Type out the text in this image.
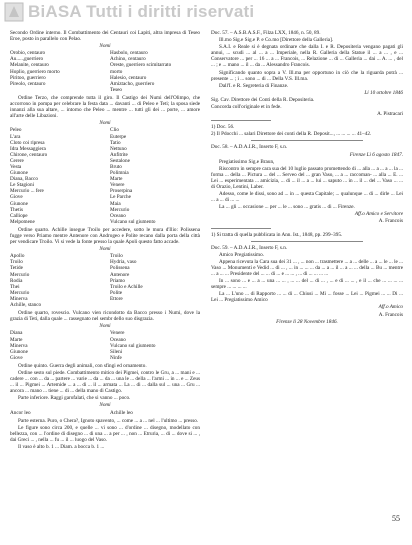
BiASA Tutti i diritti riservati

Secondo Ordine interno. Il Combattimento dei Centauri coi Lapiti, altra impresa di Teseo Eroe, posto in parallelo con Pelao.

Nomi

Orobio, centauro
Au.....,guerriero
Melanite, centauro
Hoplio, guerriero morto
Piritoo, guerriero
Pireolo, centauro
Hasbolo, centauro
Achino, centauro
Oreste, guerriero scimitarrato
morto
Halesio, centauro
Amiztacho, guerriero
Teseo

Ordine Terzo, che comprende tutta il giro. Il Castigo dei Numi dell'Olimpo, che accorrono in pompa per celebrare la festa data ... davanti ... di Peleo e Teti; la sposa siede innanzi alla sua altare, ... intorno che Peleo ... mentre ... tutti gli dei ... porte, ... amore all'arte delle Libazioni.

Nomi

Peleo
L'ara
Cloto coi ripresa
Idra Messaggiera
Chirone, centauro
Cerere
Vesta
Giunone
Diana, Bacco
Le Stagioni
Mercurio ... fere
Giove
Giunone
Thetis
Calliope
Melpomene
Clio
Euterpe
Tatio
Nettuno
Anfitrite
Sestalone
Bruto
Polimnia
Marte
Venere
Proserpina
Le Parche
Maia
Mercurio
Oceano
Vulcano sul giumento

Ordine quarto. Achille insegue Troilo per accedere, sotto le mura d'Ilio: Polissena fugge verso Priamo mentre Antenore con Androgeo e Polite recano dalla porta della città per vendicare Troilo. Vi si vede la fonte presso la quale Apoli questo fatto accade.

Nomi

Apollo
Troilo
Tetide
Mercurio
Rodia
Thei
Mercurio
Minerva
Achille, stanco
Troilo
Hydria, vaso
Polissena
Antenore
Priamo
Troilo e Achille
Polite
Ettore

Ordine quarto, rovescio. Vulcano vien ricondotto da Bacco presso i Numi, dove la grazia di Teti, dalla quale ... rassegnato nel sembr dello suo disgrazia.

Nomi

Diana
Marte
Minerva
Giunone
Giove
Venere
Oceano
Vulcano sul giumento
Sileni
Ninfe

Ordine quinto. Guerra degli animali, con sfingi ed ornamento.

Ordine sesto sul piede. Combattimento mitico dei Pigmei, contro le Gru, a ... mani e ... cadere ... con ... da ... partere ... varie ... da ... da ... una le ... della ... l'armi ... in ... e ... Zeus ... il ... Pigmei ... Artemide ... a ... di ... il ... armata ... La ... di ... dalla sul ... una ... Gru ... ancora ... mano ... tiene ... di ... della mano di Castigo.

Parte inferiore. Raggi garofalati, che si vanno ... poco.

Nomi

Ancor leo	Achille leo

Parte esterna. Puro, o Chera?, Ignoto spavento, ... come ... a ... nel ... l'ultimo ... presso.

Le figure sono circa 200, e quelle ... vi sono ... d'ordine ... disegno, modellato con bellezza, con ... l'ordine di disegno ... di una ... a per ... , non ... Etruria, ... di ... dove si ... , dai Greci ... , nella ... fu ... il ... luogo del Vaso.

Il vaso è alto b. 1 ... Diam. a bocca b. 1 ...

Doc. 57. – A.S.B.A.S.F., Filza LXX, 1846, n. 50, 89.

Ill.mo Sig.e Sig.e P. e Co.mo [Direttore della Galleria].

S.A.I. e Reale si è degnata ordinare che dalla I. e R. Depositeria vengano pagati gli annui, ... scudi ... al ... a ... Imperiale, nella R. Galleria della Statue il ... a ... , e ... Conservatore ... per ... 16 ... a ... Francois, ... Relazione ... di ... Galleria ... dai ... A. ... , del ... ; e ... mano ... il ... da ... Alessandro Francois.

Significando quanto sopra a V. Ill.ma per opportuno in ciò che la riguarda potrà ... presente ... ; i ... sono ... di ... Della V.S. Ill.ma.

Dall'I. e R. Segreteria di Finanze.

Li 10 ottobre 1846

Sig. Cav. Direttore dei Conti della R. Depositeria.

Concorda coll'originale et in fede.

A. Pistracari

1) Doc. 56.

2) Il Pdocchi ... salari Direttore dei conti della R. Deposit..., ... ... ... ... 41–42.

Doc. 58. – A.D.A.I.R., Inserto F, s.n.

Firenze Lì 6 agosto 1847.

Pregiatissimo Sig.e Braun,

Riscontro in sempre cara sua del 10 luglio passato promettendo di ... alla ... a ... a ... la ... forma ... della ... Pictura ... del ... Serveo del ... gran Vaso, ... a ... raccoman- ... alla ... E. ... Lei ... esperimentata ... amicizia, ... di ... il ... a ... lui ... saputo ... in ... il ... del ... Vaso ... ... di Orazio, Lentini, Laber.

Adesso, come le dissi, sono ad ... in ... questa Capitale; ... qualunque ... di ... dirle ... Lei ... a ... di ... ...

La ... gli ... occasione ... per ... le ... sono ... gratis ... di ... Firenze.

Aff.o Amico e Servitore

A. Francois

1) Si tratta di quella pubblicata in Ann. Ist., 1848, pp. 299–395.

Doc. 59. – A.D.A.I.R., Inserto F, s.n.

Amico Pregiatissimo.

Appena ricevuta la Cara sua dei 31 ... , ... non ... trasmettere ... a ... delle ... a ... le ... le ... Vaso ... Monumenti e Vedid ... di ... , ... in ... ... ... da ... a ... il ... a ... ... della ... Bu ... mentre ... a ... ... Presidente del ... ... di ... e ... ... , ... di ... ... ... ...

In ... sono ... e ... a ... una ... ... , ... ... del ... di ... , ... e di ... ... , e il ... che ... ... ... ... sempre ... ... ... ...

La ... L'uno ... di Rapporto ... ... di ... Chiusi ... Mi ... fosse ... Lei ... Pigmei ... ... Di ... Lei ... Pregiatissimo Amico

Aff.o Amico

A. Francois

Firenze li 28 Novembre 1846.

55
